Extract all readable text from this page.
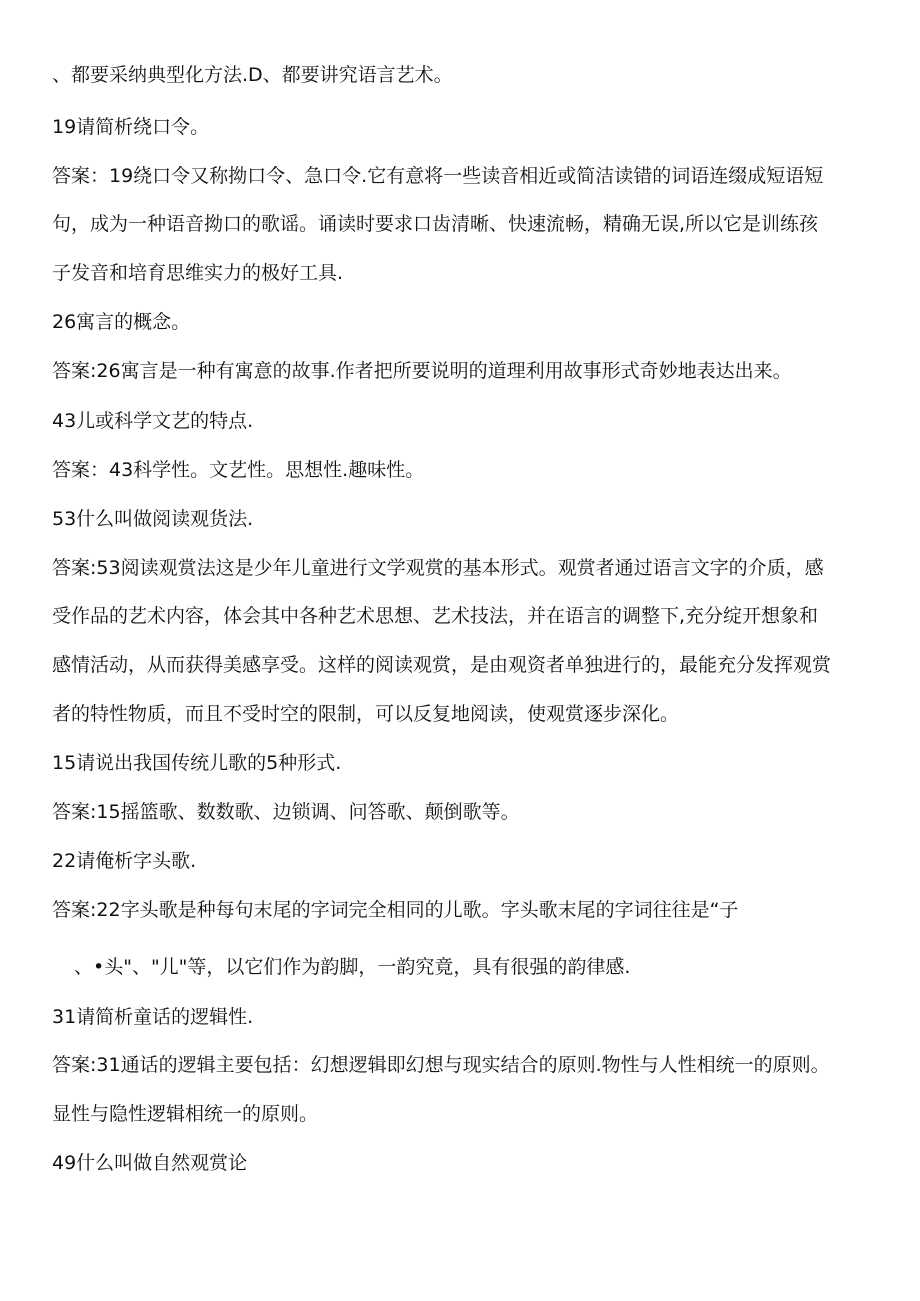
、都要采纳典型化方法.D、都要讲究语言艺术。
19请简析绕口令。
答案：19绕口令又称拗口令、急口令.它有意将一些读音相近或简洁读错的词语连缀成短语短
句，成为一种语音拗口的歌谣。诵读时要求口齿清晰、快速流畅，精确无误,所以它是训练孩
子发音和培育思维实力的极好工具.
26寓言的概念。
答案:26寓言是一种有寓意的故事.作者把所要说明的道理利用故事形式奇妙地表达出来。
43儿或科学文艺的特点.
答案：43科学性。文艺性。思想性.趣味性。
53什么叫做阅读观货法.
答案:53阅读观赏法这是少年儿童进行文学观赏的基本形式。观赏者通过语言文字的介质，感
受作品的艺术内容，体会其中各种艺术思想、艺术技法，并在语言的调整下,充分绽开想象和
感情活动，从而获得美感享受。这样的阅读观赏，是由观资者单独进行的，最能充分发挥观赏
者的特性物质，而且不受时空的限制，可以反复地阅读，使观赏逐步深化。
15请说出我国传统儿歌的5种形式.
答案:15摇篮歌、数数歌、边锁调、问答歌、颠倒歌等。
22请俺析字头歌.
答案:22字头歌是种每句末尾的字词完全相同的儿歌。字头歌末尾的字词往往是“子
、•头"、"儿"等，以它们作为韵脚，一韵究竟，具有很强的韵律感.
31请简析童话的逻辑性.
答案:31通话的逻辑主要包括：幻想逻辑即幻想与现实结合的原则.物性与人性相统一的原则。
显性与隐性逻辑相统一的原则。
49什么叫做自然观赏论
